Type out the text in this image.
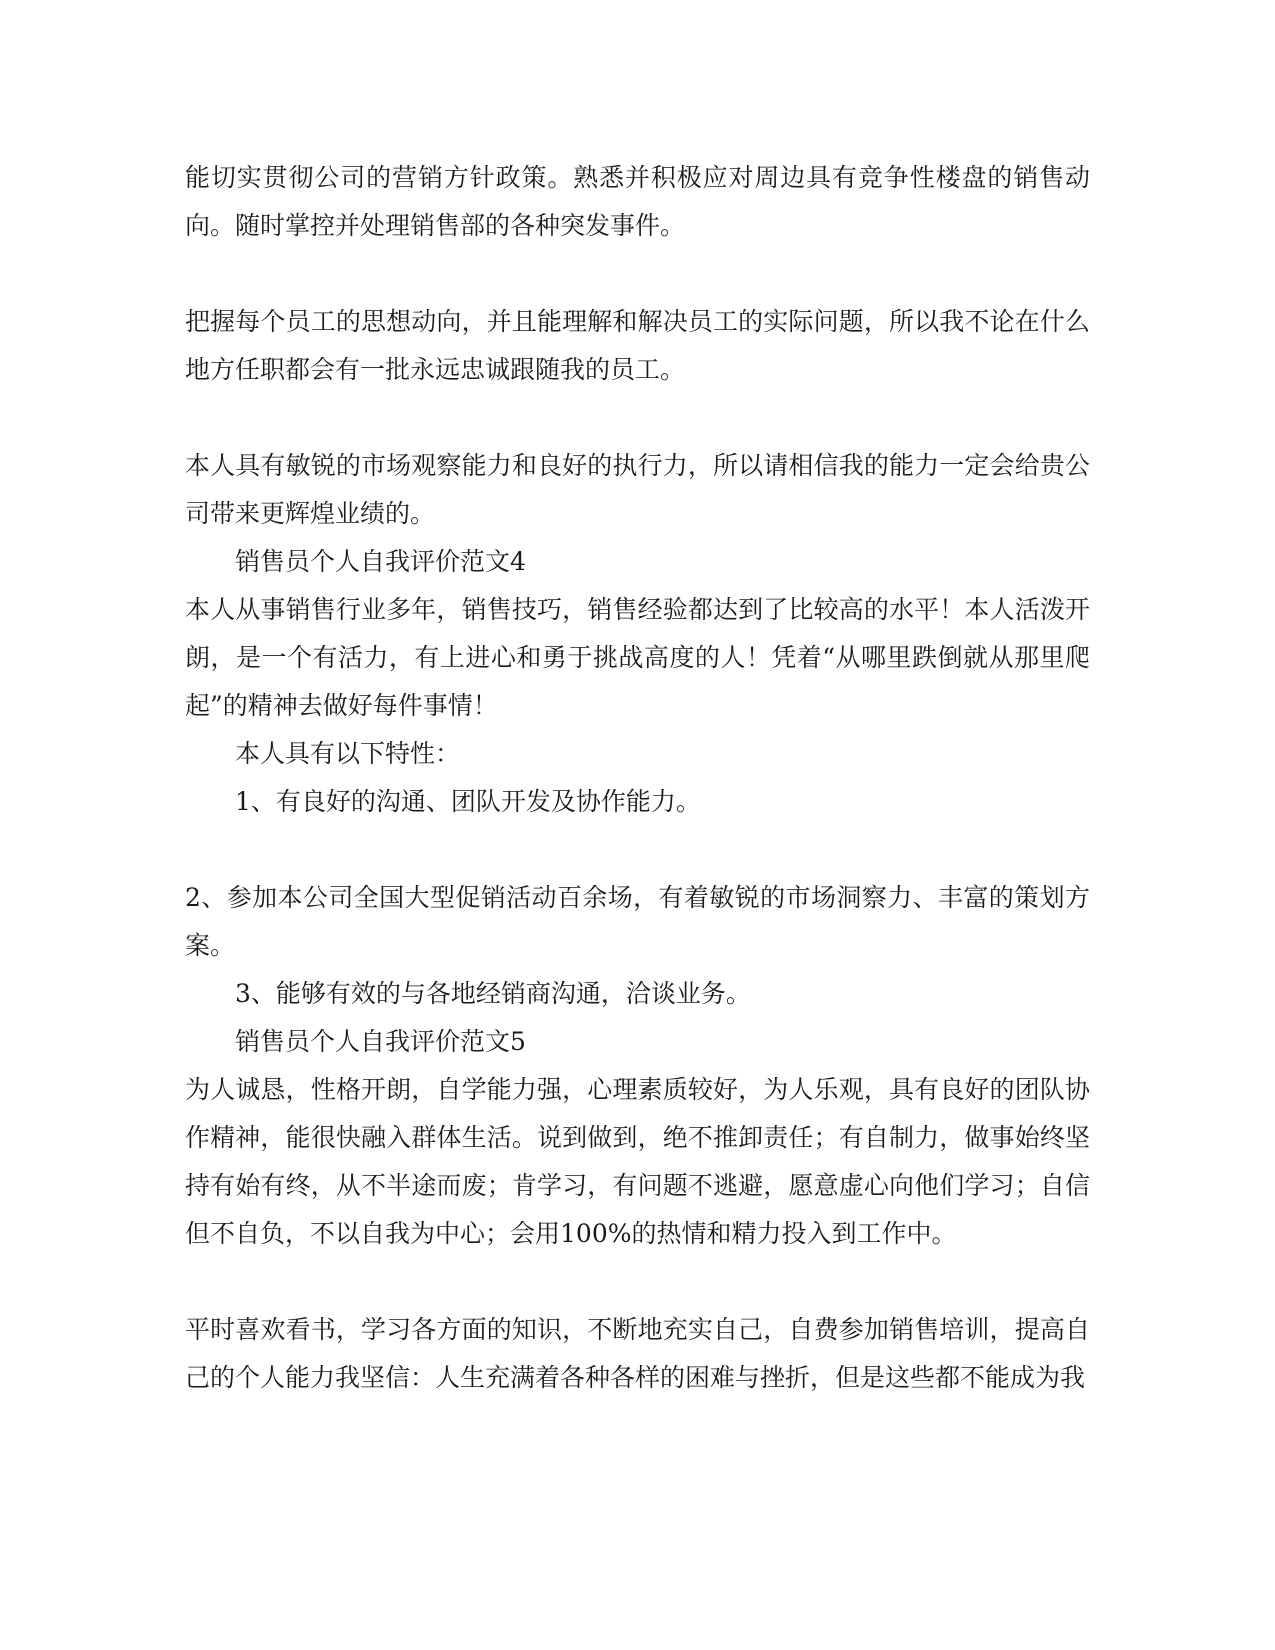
能切实贯彻公司的营销方针政策。熟悉并积极应对周边具有竞争性楼盘的销售动向。随时掌控并处理销售部的各种突发事件。

把握每个员工的思想动向，并且能理解和解决员工的实际问题，所以我不论在什么地方任职都会有一批永远忠诚跟随我的员工。

本人具有敏锐的市场观察能力和良好的执行力，所以请相信我的能力一定会给贵公司带来更辉煌业绩的。

销售员个人自我评价范文4

本人从事销售行业多年，销售技巧，销售经验都达到了比较高的水平！本人活泼开朗，是一个有活力，有上进心和勇于挑战高度的人！凭着“从哪里跌倒就从那里爬起”的精神去做好每件事情！

本人具有以下特性：

1、有良好的沟通、团队开发及协作能力。

2、参加本公司全国大型促销活动百余场，有着敏锐的市场洞察力、丰富的策划方案。

3、能够有效的与各地经销商沟通，洽谈业务。

销售员个人自我评价范文5

为人诚恳，性格开朗，自学能力强，心理素质较好，为人乐观，具有良好的团队协作精神，能很快融入群体生活。说到做到，绝不推卸责任；有自制力，做事始终坚持有始有终，从不半途而废；肯学习，有问题不逃避，愿意虚心向他们学习；自信但不自负，不以自我为中心；会用100%的热情和精力投入到工作中。

平时喜欢看书，学习各方面的知识，不断地充实自己，自费参加销售培训，提高自己的个人能力我坚信：人生充满着各种各样的困难与挫折，但是这些都不能成为我
